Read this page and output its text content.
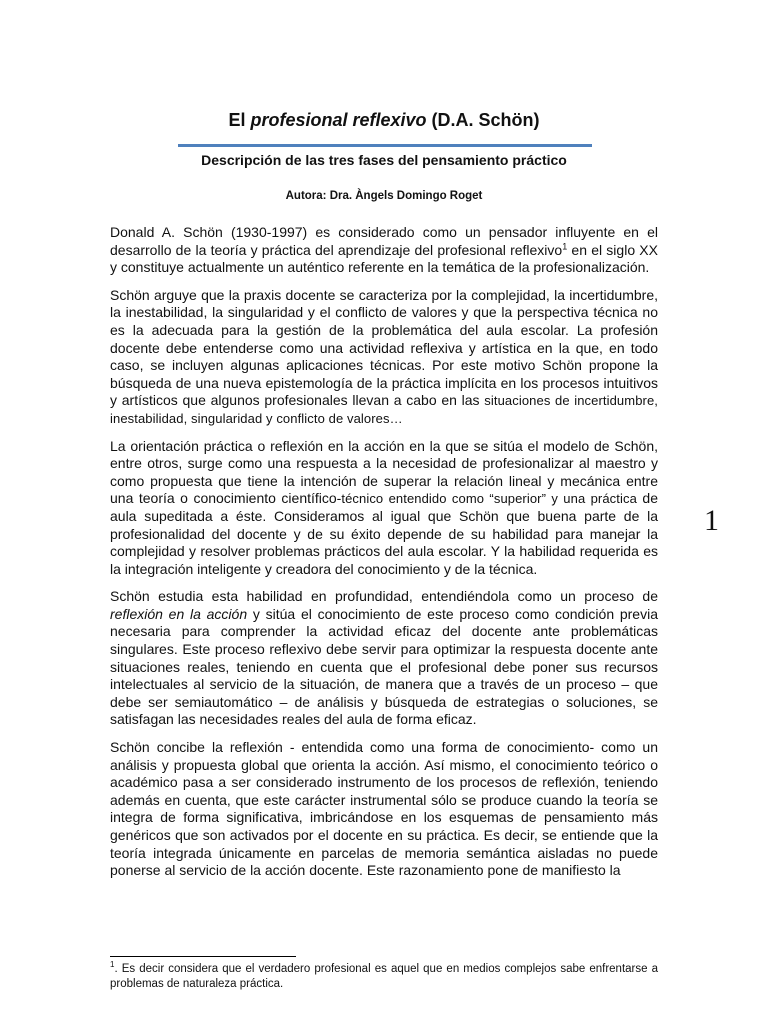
El profesional reflexivo (D.A. Schön)
Descripción de las tres fases del pensamiento práctico
Autora: Dra. Àngels Domingo Roget

Donald A. Schön (1930-1997) es considerado como un pensador influyente en el desarrollo de la teoría y práctica del aprendizaje del profesional reflexivo$^1$ en el siglo XX y constituye actualmente un auténtico referente en la temática de la profesionalización.

Schön arguye que la praxis docente se caracteriza por la complejidad, la incertidumbre, la inestabilidad, la singularidad y el conflicto de valores y que la perspectiva técnica no es la adecuada para la gestión de la problemática del aula escolar. La profesión docente debe entenderse como una actividad reflexiva y artística en la que, en todo caso, se incluyen algunas aplicaciones técnicas. Por este motivo Schön propone la búsqueda de una nueva epistemología de la práctica implícita en los procesos intuitivos y artísticos que algunos profesionales llevan a cabo en las situaciones de incertidumbre, inestabilidad, singularidad y conflicto de valores…

La orientación práctica o reflexión en la acción en la que se sitúa el modelo de Schön, entre otros, surge como una respuesta a la necesidad de profesionalizar al maestro y como propuesta que tiene la intención de superar la relación lineal y mecánica entre una teoría o conocimiento científico-técnico entendido como “superior” y una práctica de aula supeditada a éste. Consideramos al igual que Schön que buena parte de la profesionalidad del docente y de su éxito depende de su habilidad para manejar la complejidad y resolver problemas prácticos del aula escolar. Y la habilidad requerida es la integración inteligente y creadora del conocimiento y de la técnica.

Schön estudia esta habilidad en profundidad, entendiéndola como un proceso de reflexión en la acción y sitúa el conocimiento de este proceso como condición previa necesaria para comprender la actividad eficaz del docente ante problemáticas singulares. Este proceso reflexivo debe servir para optimizar la respuesta docente ante situaciones reales, teniendo en cuenta que el profesional debe poner sus recursos intelectuales al servicio de la situación, de manera que a través de un proceso – que debe ser semiautomático – de análisis y búsqueda de estrategias o soluciones, se satisfagan las necesidades reales del aula de forma eficaz.

Schön concibe la reflexión - entendida como una forma de conocimiento- como un análisis y propuesta global que orienta la acción. Así mismo, el conocimiento teórico o académico pasa a ser considerado instrumento de los procesos de reflexión, teniendo además en cuenta, que este carácter instrumental sólo se produce cuando la teoría se integra de forma significativa, imbricándose en los esquemas de pensamiento más genéricos que son activados por el docente en su práctica. Es decir, se entiende que la teoría integrada únicamente en parcelas de memoria semántica aisladas no puede ponerse al servicio de la acción docente. Este razonamiento pone de manifiesto la

1
$^1$. Es decir considera que el verdadero profesional es aquel que en medios complejos sabe enfrentarse a problemas de naturaleza práctica.
